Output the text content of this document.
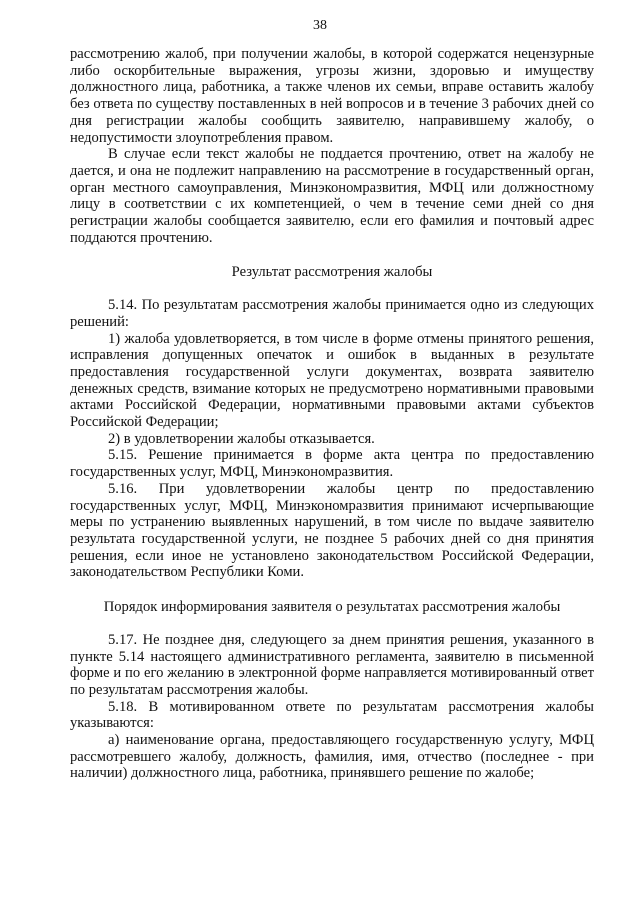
38

рассмотрению жалоб, при получении жалобы, в которой содержатся нецензурные либо оскорбительные выражения, угрозы жизни, здоровью и имуществу должностного лица, работника, а также членов их семьи, вправе оставить жалобу без ответа по существу поставленных в ней вопросов и в течение 3 рабочих дней со дня регистрации жалобы сообщить заявителю, направившему жалобу, о недопустимости злоупотребления правом.

В случае если текст жалобы не поддается прочтению, ответ на жалобу не дается, и она не подлежит направлению на рассмотрение в государственный орган, орган местного самоуправления, Минэкономразвития, МФЦ или должностному лицу в соответствии с их компетенцией, о чем в течение семи дней со дня регистрации жалобы сообщается заявителю, если его фамилия и почтовый адрес поддаются прочтению.

Результат рассмотрения жалобы

5.14. По результатам рассмотрения жалобы принимается одно из следующих решений:

1) жалоба удовлетворяется, в том числе в форме отмены принятого решения, исправления допущенных опечаток и ошибок в выданных в результате предоставления государственной услуги документах, возврата заявителю денежных средств, взимание которых не предусмотрено нормативными правовыми актами Российской Федерации, нормативными правовыми актами субъектов Российской Федерации;

2) в удовлетворении жалобы отказывается.

5.15. Решение принимается в форме акта центра по предоставлению государственных услуг, МФЦ, Минэкономразвития.

5.16. При удовлетворении жалобы центр по предоставлению государственных услуг, МФЦ, Минэкономразвития принимают исчерпывающие меры по устранению выявленных нарушений, в том числе по выдаче заявителю результата государственной услуги, не позднее 5 рабочих дней со дня принятия решения, если иное не установлено законодательством Российской Федерации, законодательством Республики Коми.

Порядок информирования заявителя о результатах рассмотрения жалобы

5.17. Не позднее дня, следующего за днем принятия решения, указанного в пункте 5.14 настоящего административного регламента, заявителю в письменной форме и по его желанию в электронной форме направляется мотивированный ответ по результатам рассмотрения жалобы.

5.18. В мотивированном ответе по результатам рассмотрения жалобы указываются:

а) наименование органа, предоставляющего государственную услугу, МФЦ рассмотревшего жалобу, должность, фамилия, имя, отчество (последнее - при наличии) должностного лица, работника, принявшего решение по жалобе;
